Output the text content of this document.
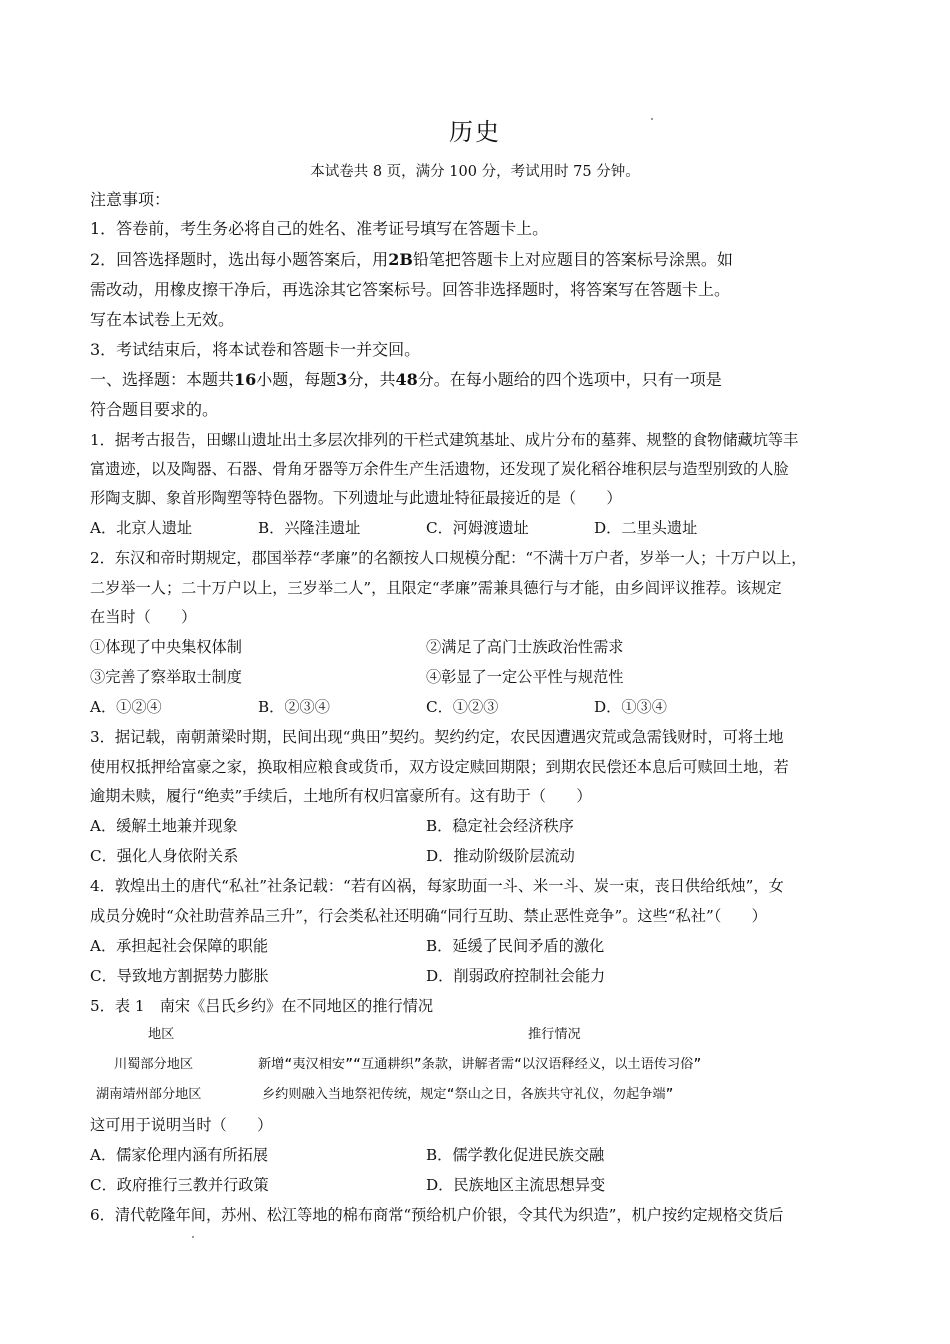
历史
本试卷共 8 页，满分 100 分，考试用时 75 分钟。
注意事项：
1．答卷前，考生务必将自己的姓名、准考证号填写在答题卡上。
2．回答选择题时，选出每小题答案后，用2B铅笔把答题卡上对应题目的答案标号涂黑。如
需改动，用橡皮擦干净后，再选涂其它答案标号。回答非选择题时，将答案写在答题卡上。
写在本试卷上无效。
3．考试结束后，将本试卷和答题卡一并交回。
一、选择题：本题共16小题，每题3分，共48分。在每小题给的四个选项中，只有一项是
符合题目要求的。
1．据考古报告，田螺山遗址出土多层次排列的干栏式建筑基址、成片分布的墓葬、规整的食物储藏坑等丰
富遗迹，以及陶器、石器、骨角牙器等万余件生产生活遗物，还发现了炭化稻谷堆积层与造型别致的人脸
形陶支脚、象首形陶塑等特色器物。下列遗址与此遗址特征最接近的是（　　）
A．北京人遗址	B．兴隆洼遗址	C．河姆渡遗址	D．二里头遗址
2．东汉和帝时期规定，郡国举荐“孝廉”的名额按人口规模分配：“不满十万户者，岁举一人；十万户以上，
二岁举一人；二十万户以上，三岁举二人”，且限定“孝廉”需兼具德行与才能，由乡闾评议推荐。该规定
在当时（　　）
①体现了中央集权体制	②满足了高门士族政治性需求
③完善了察举取士制度	④彰显了一定公平性与规范性
A．①②④	B．②③④	C．①②③	D．①③④
3．据记载，南朝萧梁时期，民间出现“典田”契约。契约约定，农民因遭遇灾荒或急需钱财时，可将土地
使用权抵押给富豪之家，换取相应粮食或货币，双方设定赎回期限；到期农民偿还本息后可赎回土地，若
逾期未赎，履行“绝卖”手续后，土地所有权归富豪所有。这有助于（　　）
A．缓解土地兼并现象	B．稳定社会经济秩序
C．强化人身依附关系	D．推动阶级阶层流动
4．敦煌出土的唐代“私社”社条记载：“若有凶祸，每家助面一斗、米一斗、炭一束，丧日供给纸烛”，女
成员分娩时“众社助营养品三升”，行会类私社还明确“同行互助、禁止恶性竞争”。这些“私社”（　　）
A．承担起社会保障的职能	B．延缓了民间矛盾的激化
C．导致地方割据势力膨胀	D．削弱政府控制社会能力
5．表 1　南宋《吕氏乡约》在不同地区的推行情况
地区	推行情况
川蜀部分地区	新增“夷汉相安”“互通耕织”条款，讲解者需“以汉语释经义，以土语传习俗”
湖南靖州部分地区	乡约则融入当地祭祀传统，规定“祭山之日，各族共守礼仪，勿起争端”
这可用于说明当时（　　）
A．儒家伦理内涵有所拓展	B．儒学教化促进民族交融
C．政府推行三教并行政策	D．民族地区主流思想异变
6．清代乾隆年间，苏州、松江等地的棉布商常“预给机户价银，令其代为织造”，机户按约定规格交货后
